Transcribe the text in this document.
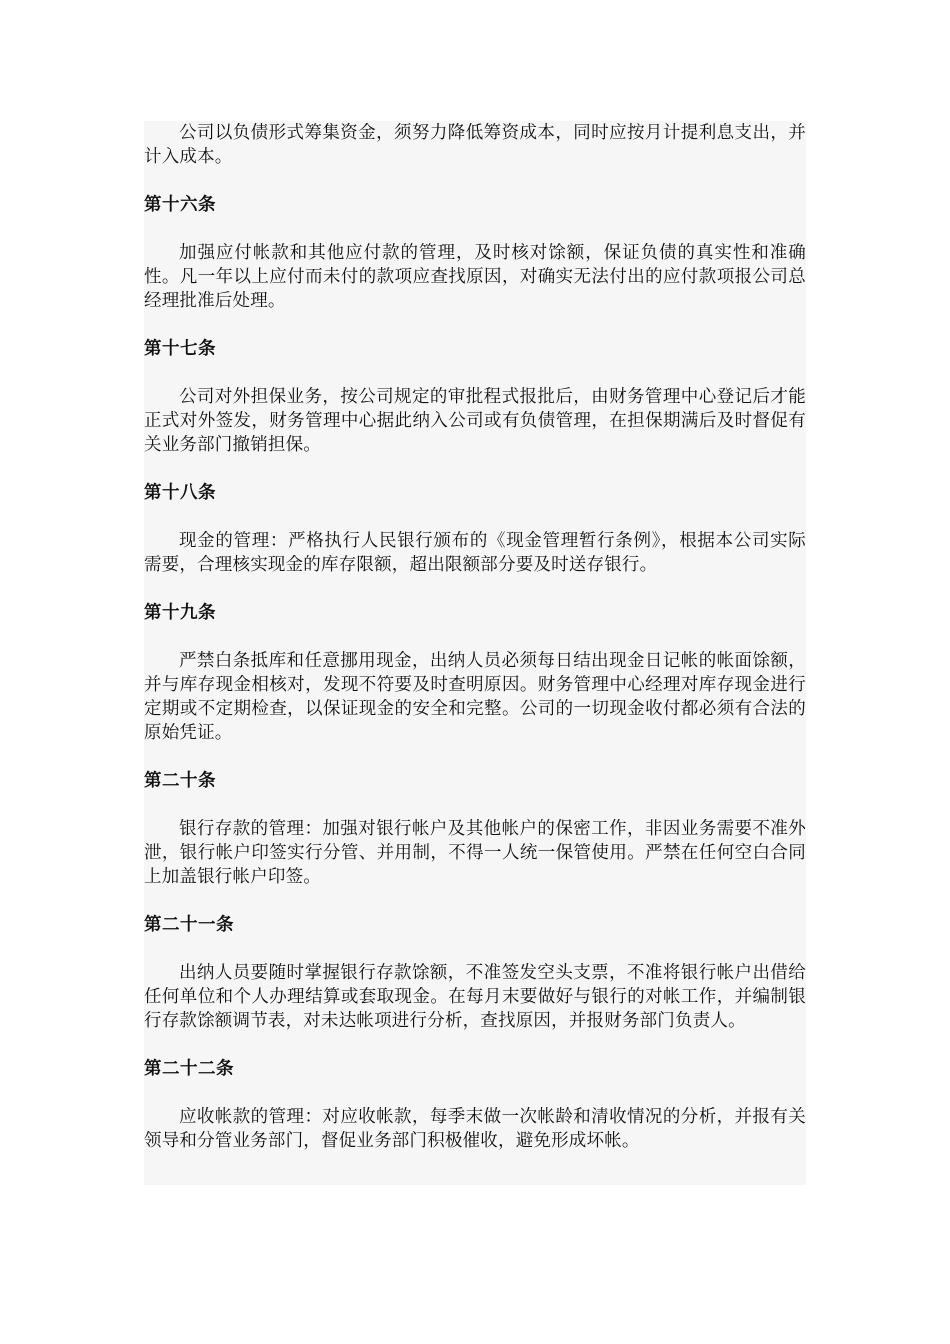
公司以负债形式筹集资金，须努力降低筹资成本，同时应按月计提利息支出，并计入成本。

第十六条

加强应付帐款和其他应付款的管理，及时核对馀额，保证负债的真实性和准确性。凡一年以上应付而未付的款项应查找原因，对确实无法付出的应付款项报公司总经理批准后处理。

第十七条

公司对外担保业务，按公司规定的审批程式报批后，由财务管理中心登记后才能正式对外签发，财务管理中心据此纳入公司或有负债管理，在担保期满后及时督促有关业务部门撤销担保。

第十八条

现金的管理：严格执行人民银行颁布的《现金管理暂行条例》，根据本公司实际需要，合理核实现金的库存限额，超出限额部分要及时送存银行。

第十九条

严禁白条抵库和任意挪用现金，出纳人员必须每日结出现金日记帐的帐面馀额，并与库存现金相核对，发现不符要及时查明原因。财务管理中心经理对库存现金进行定期或不定期检查，以保证现金的安全和完整。公司的一切现金收付都必须有合法的原始凭证。

第二十条

银行存款的管理：加强对银行帐户及其他帐户的保密工作，非因业务需要不准外泄，银行帐户印签实行分管、并用制，不得一人统一保管使用。严禁在任何空白合同上加盖银行帐户印签。

第二十一条

出纳人员要随时掌握银行存款馀额，不准签发空头支票，不准将银行帐户出借给任何单位和个人办理结算或套取现金。在每月末要做好与银行的对帐工作，并编制银行存款馀额调节表，对未达帐项进行分析，查找原因，并报财务部门负责人。

第二十二条

应收帐款的管理：对应收帐款，每季末做一次帐龄和清收情况的分析，并报有关领导和分管业务部门，督促业务部门积极催收，避免形成坏帐。
